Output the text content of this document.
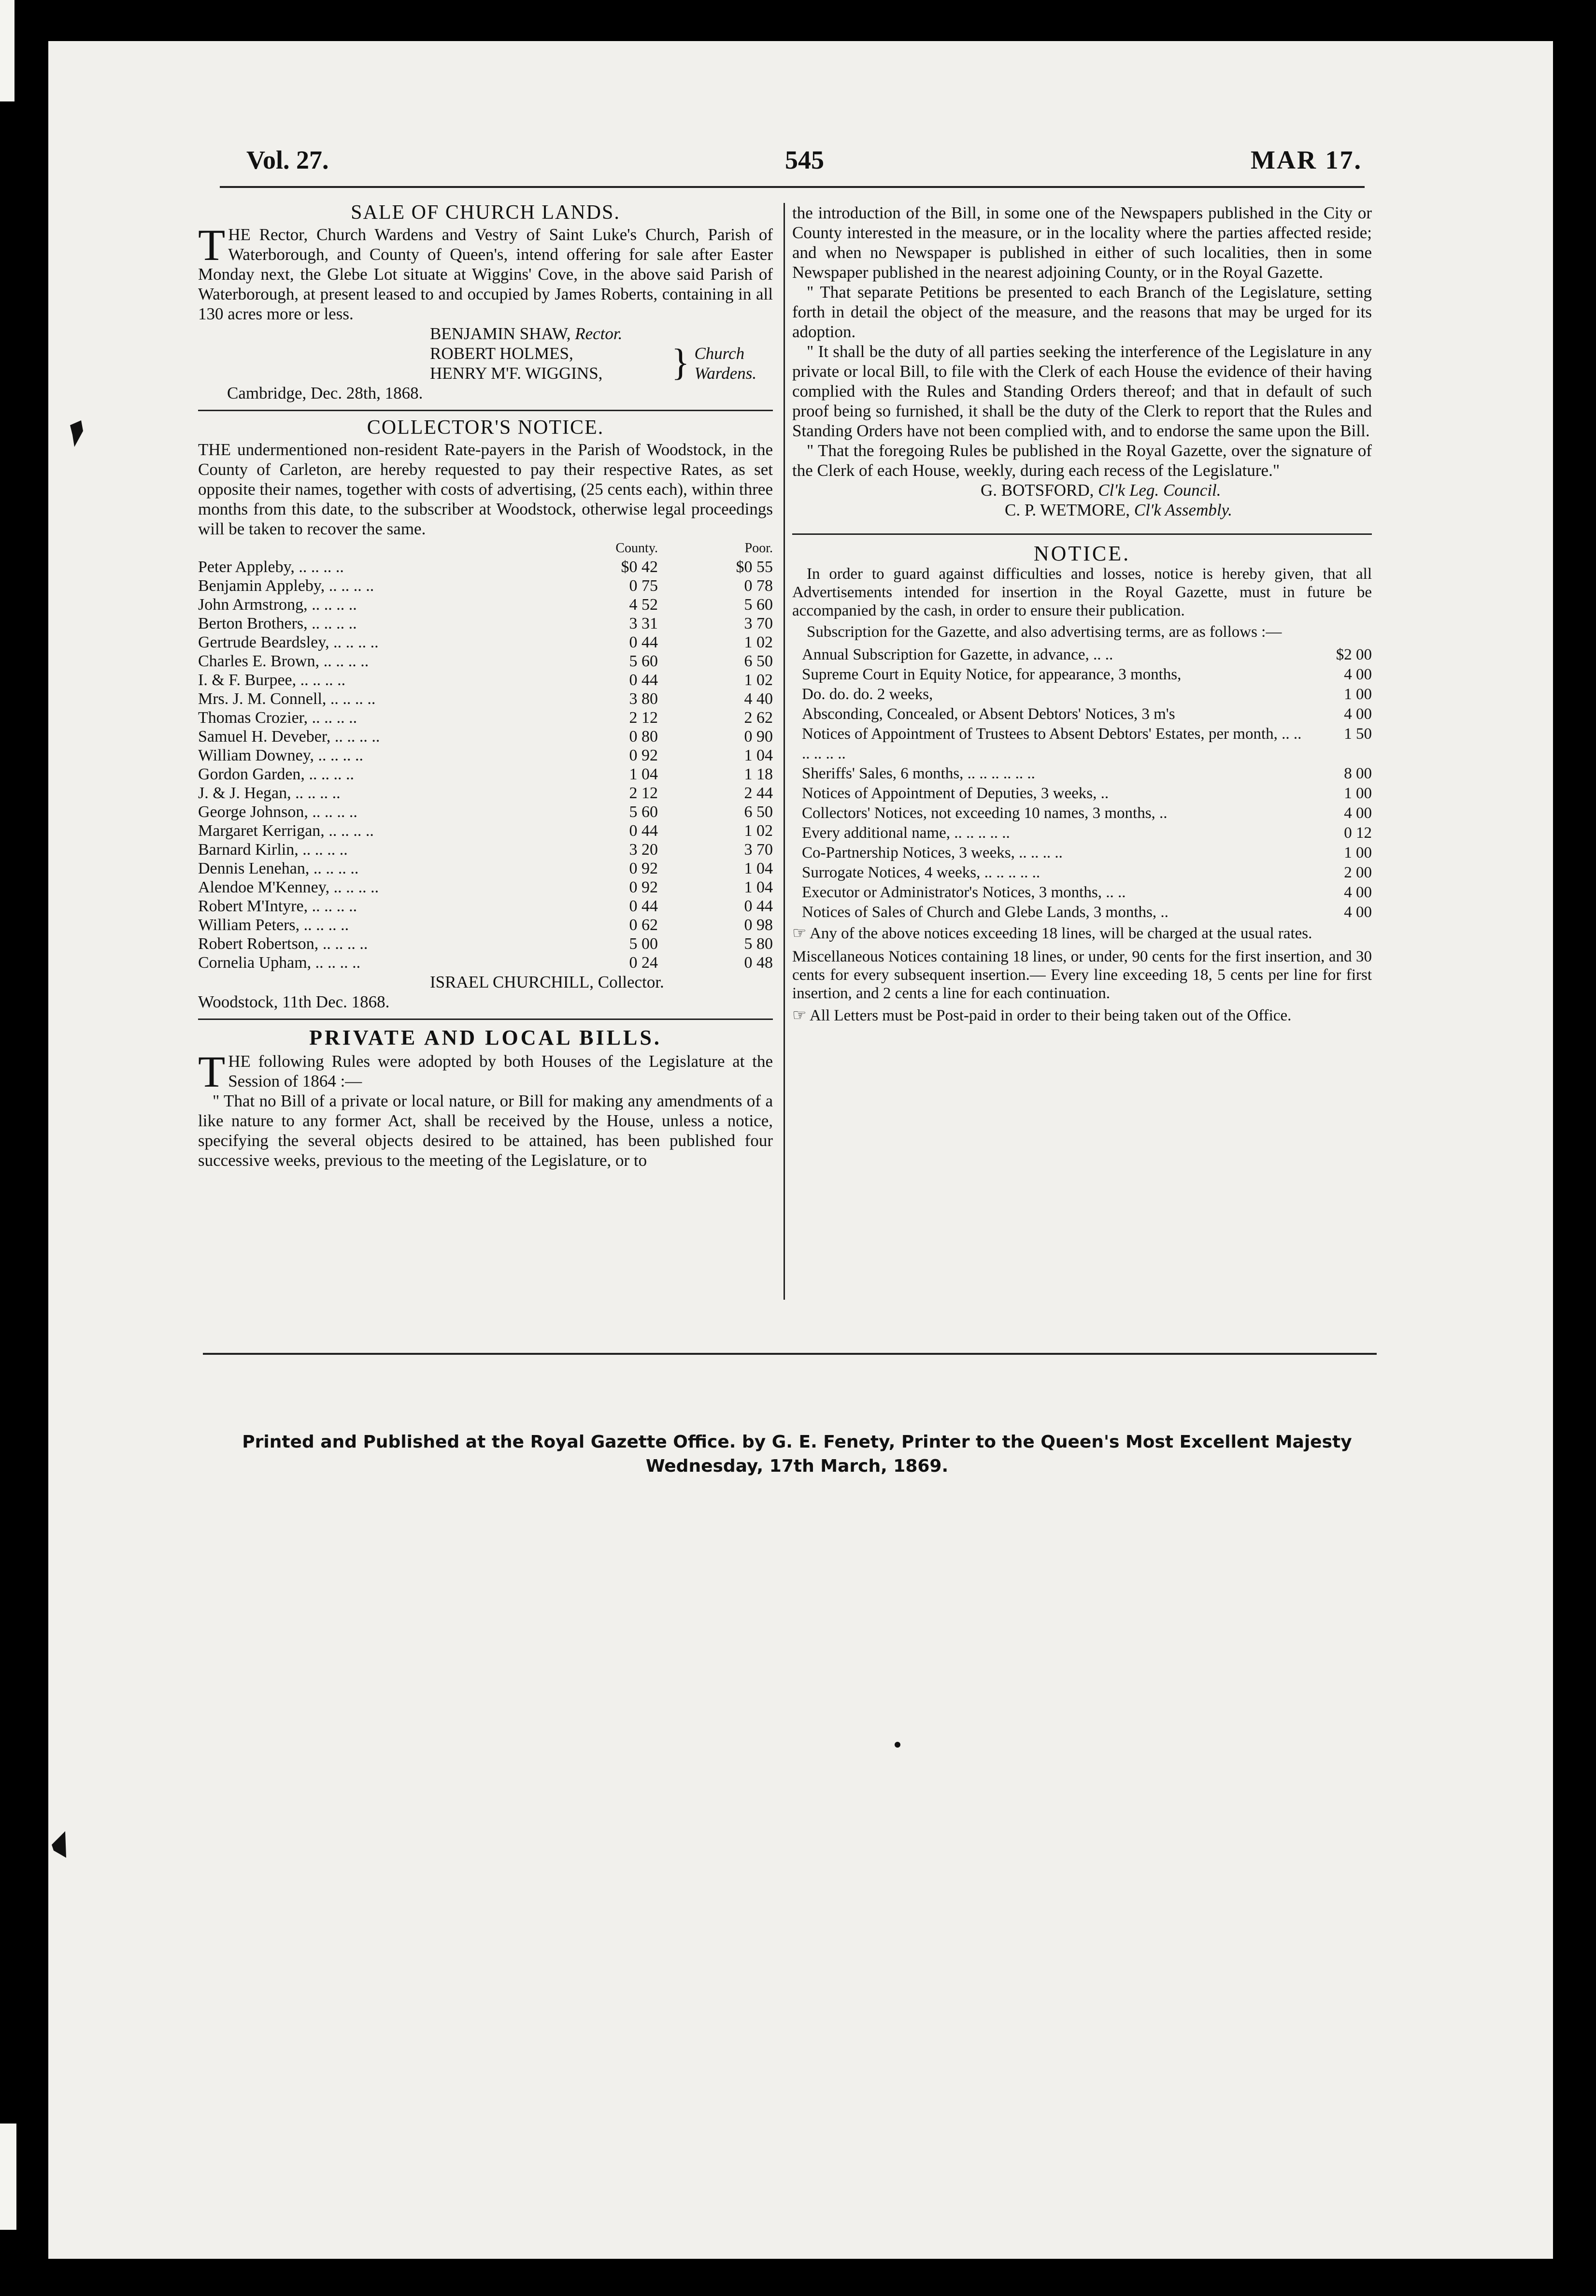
Vol. 27.	545	MAR 17.
SALE OF CHURCH LANDS.

THE Rector, Church Wardens and Vestry of Saint Luke's Church, Parish of Waterborough, and County of Queen's, intend offering for sale after Easter Monday next, the Glebe Lot situate at Wiggins' Cove, in the above said Parish of Waterborough, at present leased to and occupied by James Roberts, containing in all 130 acres more or less.

BENJAMIN SHAW, Rector.
ROBERT HOLMES,
HENRY M'F. WIGGINS,	} Church
Wardens.
Cambridge, Dec. 28th, 1868.
COLLECTOR'S NOTICE.

THE undermentioned non-resident Rate-payers in the Parish of Woodstock, in the County of Carleton, are hereby requested to pay their respective Rates, as set opposite their names, together with costs of advertising, (25 cents each), within three months from this date, to the subscriber at Woodstock, otherwise legal proceedings will be taken to recover the same.

	County.		Poor.
Peter Appleby, .. .. .. ..	$0 42		$0 55
Benjamin Appleby, .. .. .. ..	0 75		0 78
John Armstrong, .. .. .. ..	4 52		5 60
Berton Brothers, .. .. .. ..	3 31		3 70
Gertrude Beardsley, .. .. .. ..	0 44		1 02
Charles E. Brown, .. .. .. ..	5 60		6 50
I. & F. Burpee, .. .. .. ..	0 44		1 02
Mrs. J. M. Connell, .. .. .. ..	3 80		4 40
Thomas Crozier, .. .. .. ..	2 12		2 62
Samuel H. Deveber, .. .. .. ..	0 80		0 90
William Downey, .. .. .. ..	0 92		1 04
Gordon Garden, .. .. .. ..	1 04		1 18
J. & J. Hegan, .. .. .. ..	2 12		2 44
George Johnson, .. .. .. ..	5 60		6 50
Margaret Kerrigan, .. .. .. ..	0 44		1 02
Barnard Kirlin, .. .. .. ..	3 20		3 70
Dennis Lenehan, .. .. .. ..	0 92		1 04
Alendoe M'Kenney, .. .. .. ..	0 92		1 04
Robert M'Intyre, .. .. .. ..	0 44		0 44
William Peters, .. .. .. ..	0 62		0 98
Robert Robertson, .. .. .. ..	5 00		5 80
Cornelia Upham, .. .. .. ..	0 24		0 48
ISRAEL CHURCHILL, Collector.
Woodstock, 11th Dec. 1868.
PRIVATE AND LOCAL BILLS.

THE following Rules were adopted by both Houses of the Legislature at the Session of 1864 :—

" That no Bill of a private or local nature, or Bill for making any amendments of a like nature to any former Act, shall be received by the House, unless a notice, specifying the several objects desired to be attained, has been published four successive weeks, previous to the meeting of the Legislature, or to

the introduction of the Bill, in some one of the Newspapers published in the City or County interested in the measure, or in the locality where the parties affected reside; and when no Newspaper is published in either of such localities, then in some Newspaper published in the nearest adjoining County, or in the Royal Gazette.

" That separate Petitions be presented to each Branch of the Legislature, setting forth in detail the object of the measure, and the reasons that may be urged for its adoption.

" It shall be the duty of all parties seeking the interference of the Legislature in any private or local Bill, to file with the Clerk of each House the evidence of their having complied with the Rules and Standing Orders thereof; and that in default of such proof being so furnished, it shall be the duty of the Clerk to report that the Rules and Standing Orders have not been complied with, and to endorse the same upon the Bill.

" That the foregoing Rules be published in the Royal Gazette, over the signature of the Clerk of each House, weekly, during each recess of the Legislature."

G. BOTSFORD, Cl'k Leg. Council.
C. P. WETMORE, Cl'k Assembly.
NOTICE.

In order to guard against difficulties and losses, notice is hereby given, that all Advertisements intended for insertion in the Royal Gazette, must in future be accompanied by the cash, in order to ensure their publication.

Subscription for the Gazette, and also advertising terms, are as follows :—

Annual Subscription for Gazette, in advance, .. ..	$2 00
Supreme Court in Equity Notice, for appearance, 3 months,	4 00
Do. do. do. 2 weeks,	1 00
Absconding, Concealed, or Absent Debtors' Notices, 3 m's	4 00
Notices of Appointment of Trustees to Absent Debtors' Estates, per month, .. .. .. .. .. ..	1 50
Sheriffs' Sales, 6 months, .. .. .. .. .. ..	8 00
Notices of Appointment of Deputies, 3 weeks, ..	1 00
Collectors' Notices, not exceeding 10 names, 3 months, ..	4 00
Every additional name, .. .. .. .. ..	0 12
Co-Partnership Notices, 3 weeks, .. .. .. ..	1 00
Surrogate Notices, 4 weeks, .. .. .. .. ..	2 00
Executor or Administrator's Notices, 3 months, .. ..	4 00
Notices of Sales of Church and Glebe Lands, 3 months, ..	4 00

☞ Any of the above notices exceeding 18 lines, will be charged at the usual rates.

Miscellaneous Notices containing 18 lines, or under, 90 cents for the first insertion, and 30 cents for every subsequent insertion.— Every line exceeding 18, 5 cents per line for first insertion, and 2 cents a line for each continuation.

☞ All Letters must be Post-paid in order to their being taken out of the Office.

Printed and Published at the Royal Gazette Office. by G. E. Fenety, Printer to the Queen's Most Excellent Majesty
Wednesday, 17th March, 1869.
